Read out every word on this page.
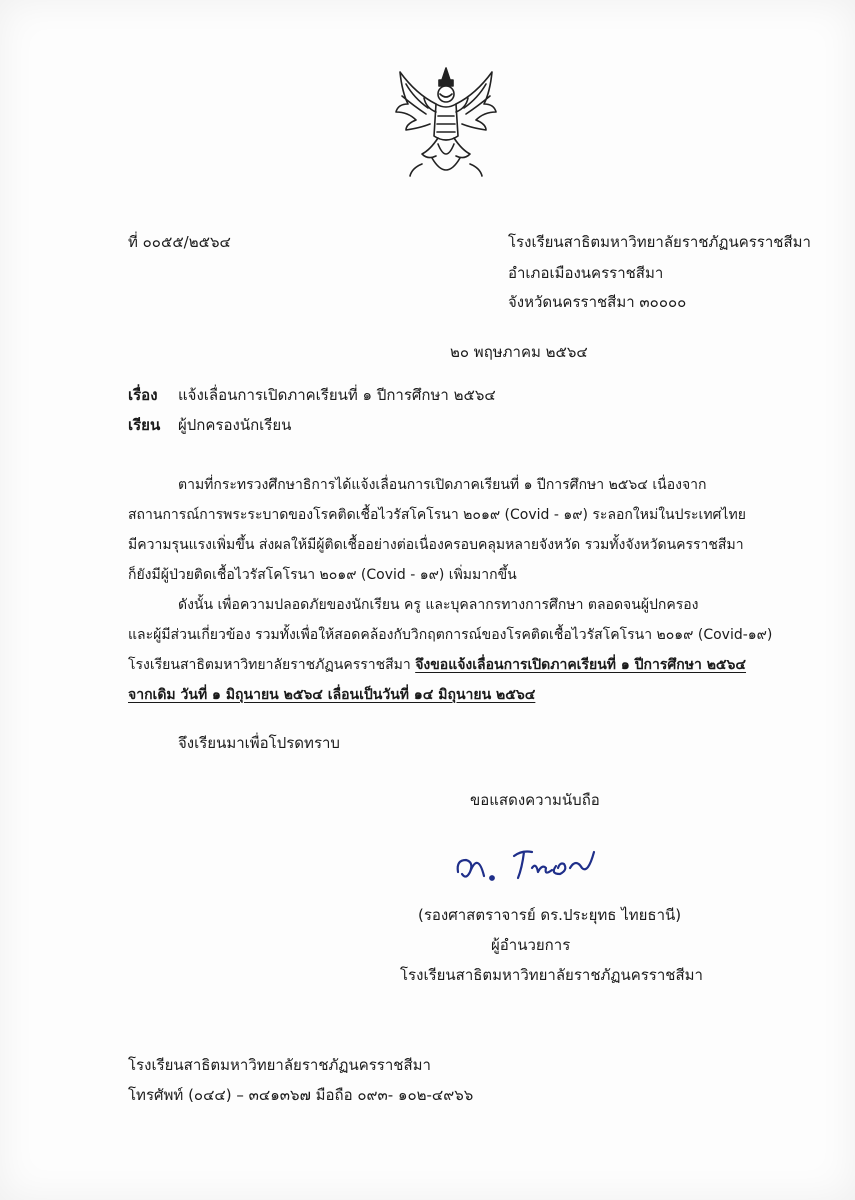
ที่ ๐๐๕๕/๒๕๖๔	โรงเรียนสาธิตมหาวิทยาลัยราชภัฏนครราชสีมา
อำเภอเมืองนครราชสีมา
จังหวัดนครราชสีมา ๓๐๐๐๐
๒๐ พฤษภาคม ๒๕๖๔
เรื่อง แจ้งเลื่อนการเปิดภาคเรียนที่ ๑ ปีการศึกษา ๒๕๖๔
เรียน ผู้ปกครองนักเรียน
ตามที่กระทรวงศึกษาธิการได้แจ้งเลื่อนการเปิดภาคเรียนที่ ๑ ปีการศึกษา ๒๕๖๔ เนื่องจาก
สถานการณ์การพระระบาดของโรคติดเชื้อไวรัสโคโรนา ๒๐๑๙ (Covid - ๑๙) ระลอกใหม่ในประเทศไทย
มีความรุนแรงเพิ่มขึ้น ส่งผลให้มีผู้ติดเชื้ออย่างต่อเนื่องครอบคลุมหลายจังหวัด รวมทั้งจังหวัดนครราชสีมา
ก็ยังมีผู้ป่วยติดเชื้อไวรัสโคโรนา ๒๐๑๙ (Covid - ๑๙) เพิ่มมากขึ้น
ดังนั้น เพื่อความปลอดภัยของนักเรียน ครู และบุคลากรทางการศึกษา ตลอดจนผู้ปกครอง
และผู้มีส่วนเกี่ยวข้อง รวมทั้งเพื่อให้สอดคล้องกับวิกฤตการณ์ของโรคติดเชื้อไวรัสโคโรนา ๒๐๑๙ (Covid-๑๙)
โรงเรียนสาธิตมหาวิทยาลัยราชภัฏนครราชสีมา จึงขอแจ้งเลื่อนการเปิดภาคเรียนที่ ๑ ปีการศึกษา ๒๕๖๔
จากเดิม วันที่ ๑ มิถุนายน ๒๕๖๔ เลื่อนเป็นวันที่ ๑๔ มิถุนายน ๒๕๖๔
จึงเรียนมาเพื่อโปรดทราบ
ขอแสดงความนับถือ
(รองศาสตราจารย์ ดร.ประยุทธ ไทยธานี)
ผู้อำนวยการ
โรงเรียนสาธิตมหาวิทยาลัยราชภัฏนครราชสีมา
โรงเรียนสาธิตมหาวิทยาลัยราชภัฏนครราชสีมา
โทรศัพท์ (๐๔๔) – ๓๔๑๓๖๗ มือถือ ๐๙๓- ๑๐๒-๔๙๖๖
